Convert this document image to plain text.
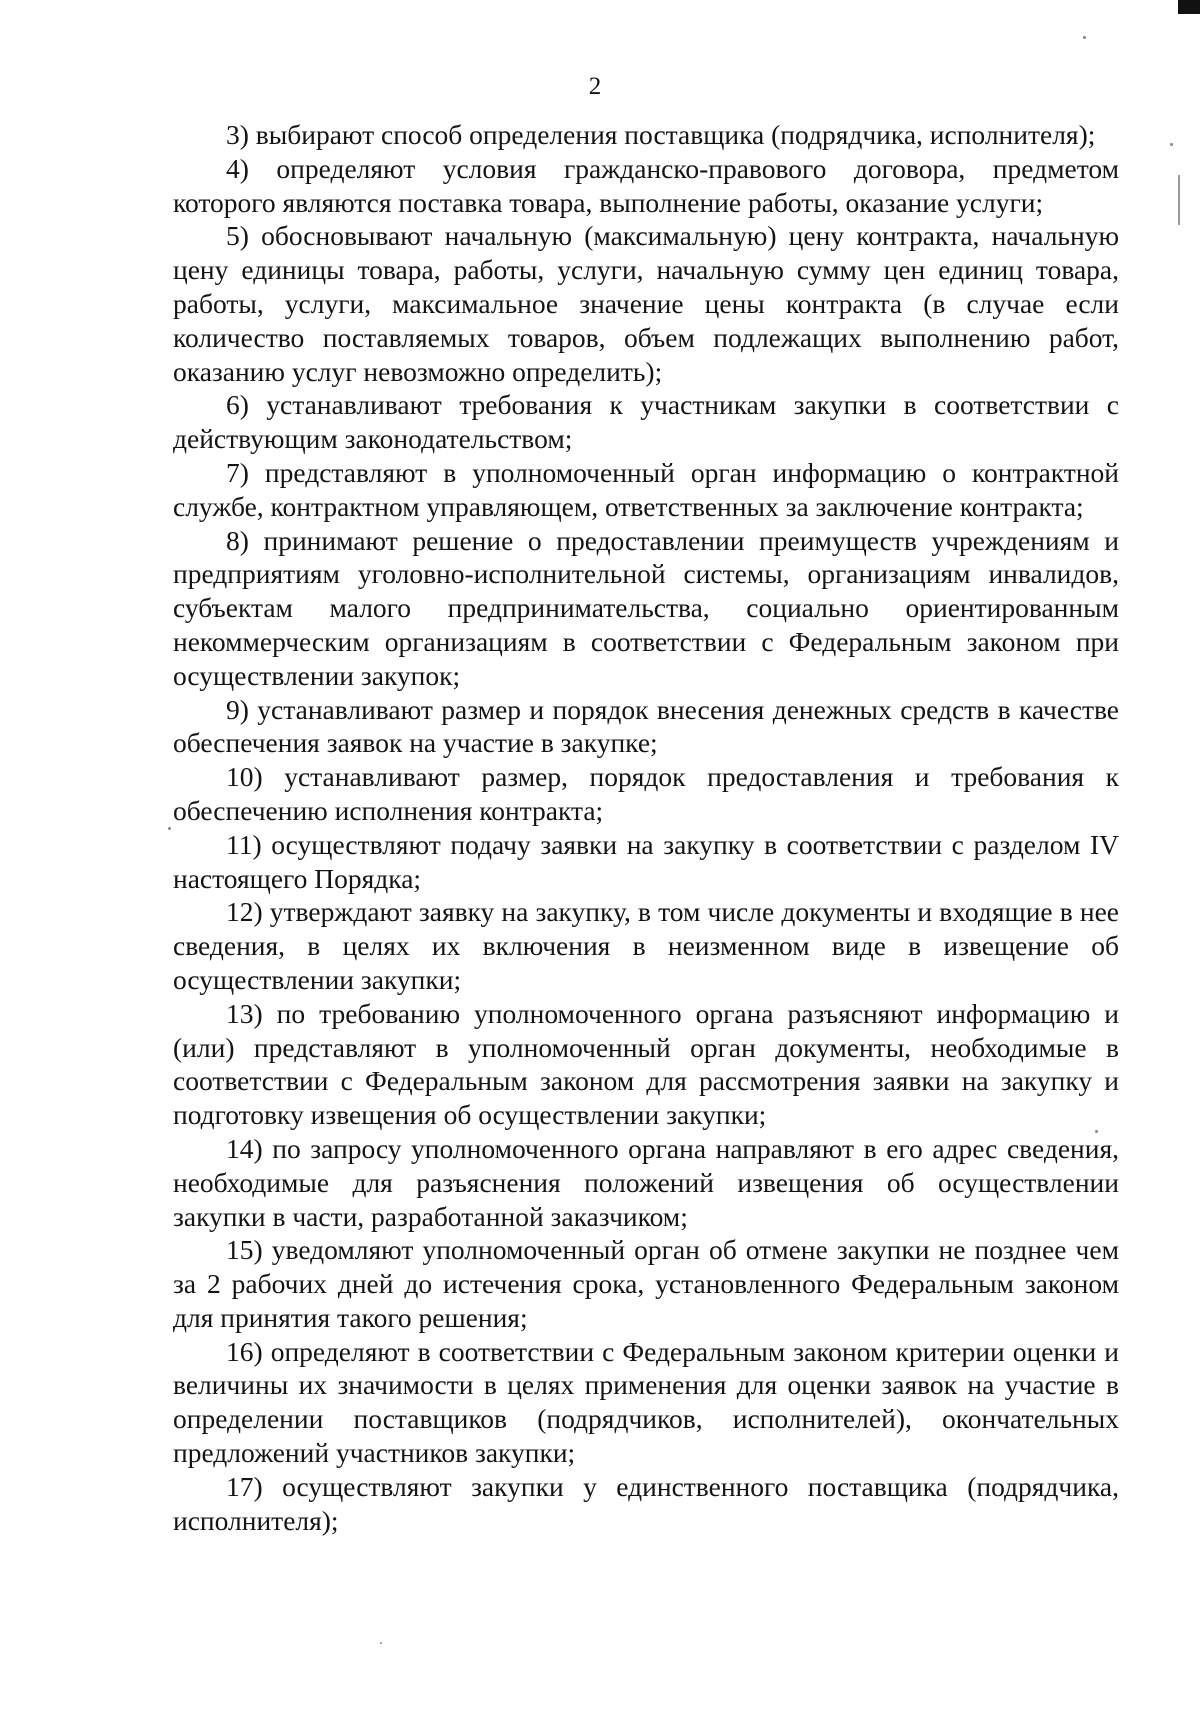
2

3) выбирают способ определения поставщика (подрядчика, исполнителя);

4) определяют условия гражданско-правового договора, предметом которого являются поставка товара, выполнение работы, оказание услуги;

5) обосновывают начальную (максимальную) цену контракта, начальную цену единицы товара, работы, услуги, начальную сумму цен единиц товара, работы, услуги, максимальное значение цены контракта (в случае если количество поставляемых товаров, объем подлежащих выполнению работ, оказанию услуг невозможно определить);

6) устанавливают требования к участникам закупки в соответствии с действующим законодательством;

7) представляют в уполномоченный орган информацию о контрактной службе, контрактном управляющем, ответственных за заключение контракта;

8) принимают решение о предоставлении преимуществ учреждениям и предприятиям уголовно-исполнительной системы, организациям инвалидов, субъектам малого предпринимательства, социально ориентированным некоммерческим организациям в соответствии с Федеральным законом при осуществлении закупок;

9) устанавливают размер и порядок внесения денежных средств в качестве обеспечения заявок на участие в закупке;

10) устанавливают размер, порядок предоставления и требования к обеспечению исполнения контракта;

11) осуществляют подачу заявки на закупку в соответствии с разделом IV настоящего Порядка;

12) утверждают заявку на закупку, в том числе документы и входящие в нее сведения, в целях их включения в неизменном виде в извещение об осуществлении закупки;

13) по требованию уполномоченного органа разъясняют информацию и (или) представляют в уполномоченный орган документы, необходимые в соответствии с Федеральным законом для рассмотрения заявки на закупку и подготовку извещения об осуществлении закупки;

14) по запросу уполномоченного органа направляют в его адрес сведения, необходимые для разъяснения положений извещения об осуществлении закупки в части, разработанной заказчиком;

15) уведомляют уполномоченный орган об отмене закупки не позднее чем за 2 рабочих дней до истечения срока, установленного Федеральным законом для принятия такого решения;

16) определяют в соответствии с Федеральным законом критерии оценки и величины их значимости в целях применения для оценки заявок на участие в определении поставщиков (подрядчиков, исполнителей), окончательных предложений участников закупки;

17) осуществляют закупки у единственного поставщика (подрядчика, исполнителя);
